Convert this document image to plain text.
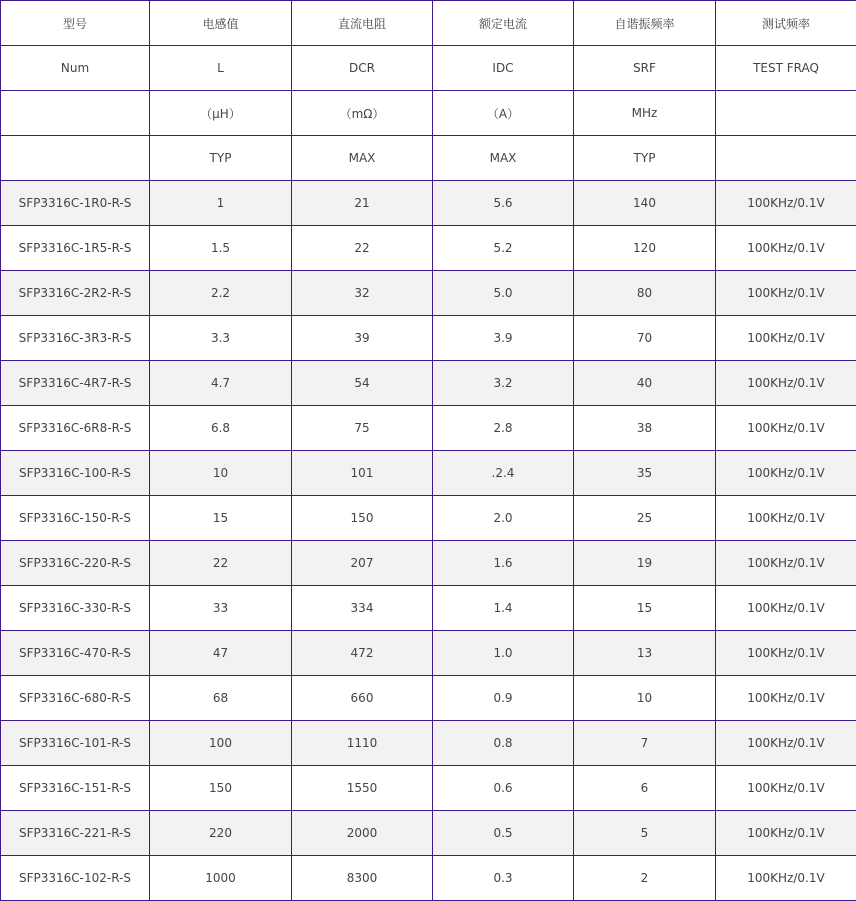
型号	电感值	直流电阻	额定电流	自谐振频率	测试频率
Num	L	DCR	IDC	SRF	TEST FRAQ
	（μH）	（mΩ）	（A）	MHz	
	TYP	MAX	MAX	TYP	
SFP3316C-1R0-R-S	1	21	5.6	140	100KHz/0.1V
SFP3316C-1R5-R-S	1.5	22	5.2	120	100KHz/0.1V
SFP3316C-2R2-R-S	2.2	32	5.0	80	100KHz/0.1V
SFP3316C-3R3-R-S	3.3	39	3.9	70	100KHz/0.1V
SFP3316C-4R7-R-S	4.7	54	3.2	40	100KHz/0.1V
SFP3316C-6R8-R-S	6.8	75	2.8	38	100KHz/0.1V
SFP3316C-100-R-S	10	101	.2.4	35	100KHz/0.1V
SFP3316C-150-R-S	15	150	2.0	25	100KHz/0.1V
SFP3316C-220-R-S	22	207	1.6	19	100KHz/0.1V
SFP3316C-330-R-S	33	334	1.4	15	100KHz/0.1V
SFP3316C-470-R-S	47	472	1.0	13	100KHz/0.1V
SFP3316C-680-R-S	68	660	0.9	10	100KHz/0.1V
SFP3316C-101-R-S	100	1110	0.8	7	100KHz/0.1V
SFP3316C-151-R-S	150	1550	0.6	6	100KHz/0.1V
SFP3316C-221-R-S	220	2000	0.5	5	100KHz/0.1V
SFP3316C-102-R-S	1000	8300	0.3	2	100KHz/0.1V
